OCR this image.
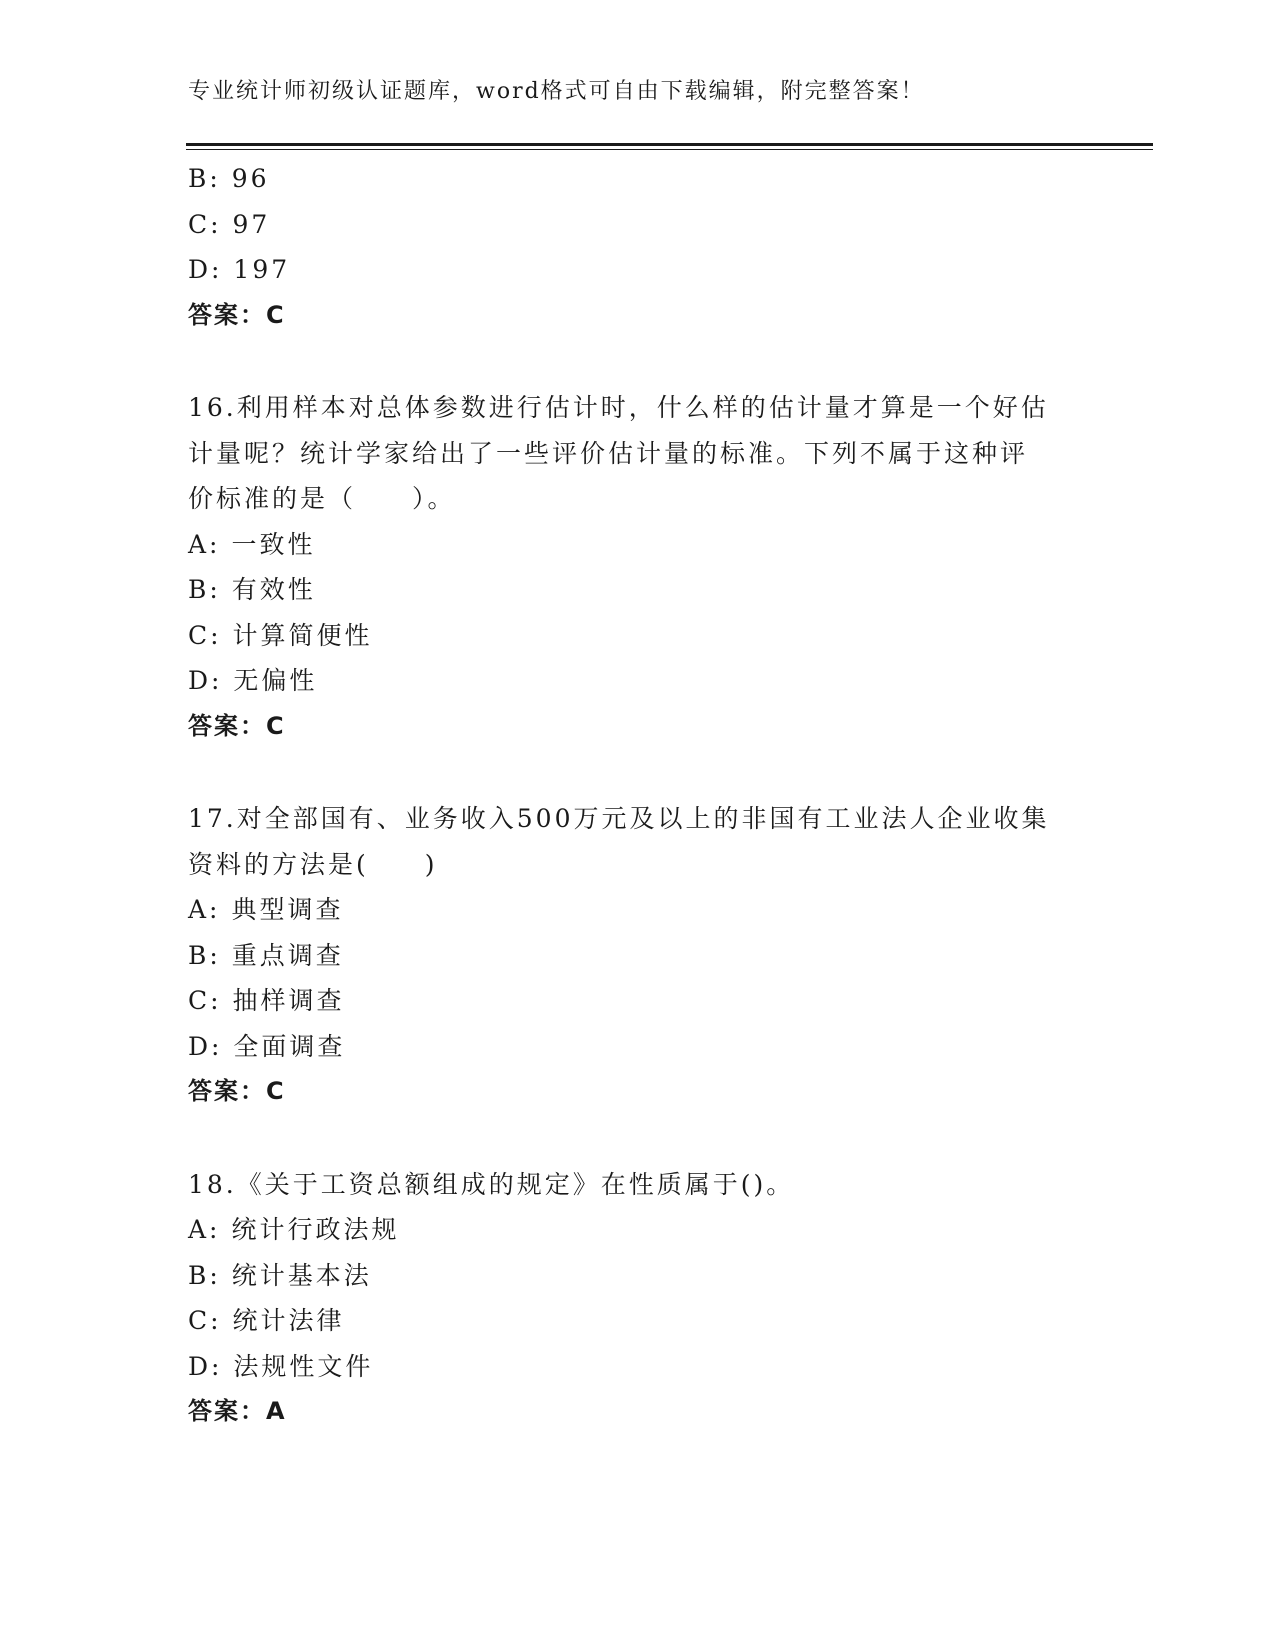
专业统计师初级认证题库，word格式可自由下载编辑，附完整答案！
B: 96
C: 97
D: 197
答案：C
16.利用样本对总体参数进行估计时，什么样的估计量才算是一个好估
计量呢？统计学家给出了一些评价估计量的标准。下列不属于这种评
价标准的是（　　）。
A: 一致性
B: 有效性
C: 计算简便性
D: 无偏性
答案：C
17.对全部国有、业务收入500万元及以上的非国有工业法人企业收集
资料的方法是(　　)
A: 典型调查
B: 重点调查
C: 抽样调查
D: 全面调查
答案：C
18.《关于工资总额组成的规定》在性质属于()。
A: 统计行政法规
B: 统计基本法
C: 统计法律
D: 法规性文件
答案：A
